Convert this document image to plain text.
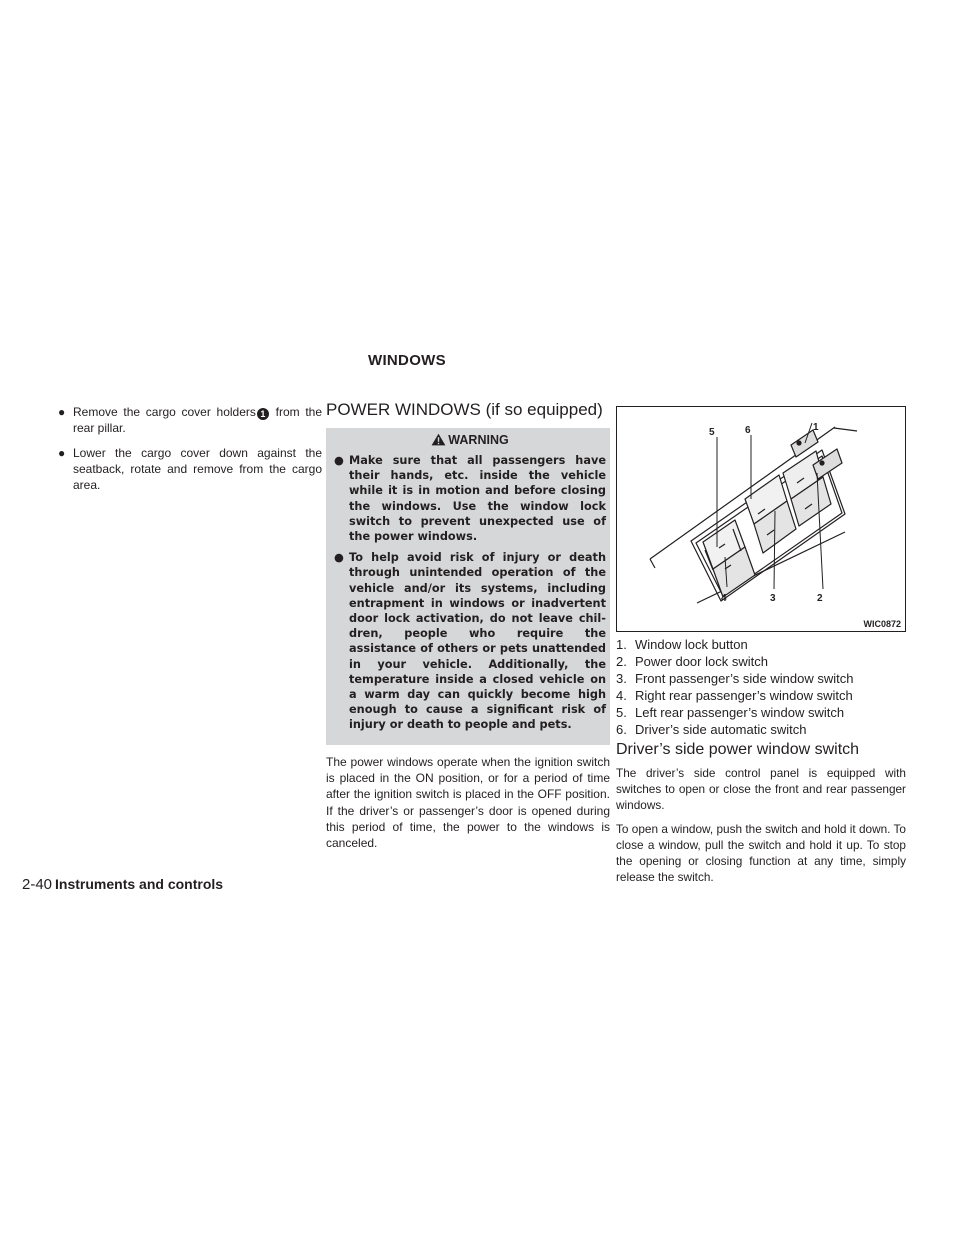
WINDOWS

● Remove the cargo cover holders 1 from the rear pillar.

● Lower the cargo cover down against the seatback, rotate and remove from the cargo area.

POWER WINDOWS (if so equipped)
WARNING

● Make sure that all passengers have their hands, etc. inside the vehicle while it is in motion and before closing the windows. Use the window lock switch to prevent unexpected use of the power windows.

● To help avoid risk of injury or death through unintended operation of the vehicle and/or its systems, including entrapment in windows or inadvertent door lock activation, do not leave chil-dren, people who require the assistance of others or pets unattended in your vehicle. Additionally, the temperature inside a closed vehicle on a warm day can quickly become high enough to cause a significant risk of injury or death to people and pets.

The power windows operate when the ignition switch is placed in the ON position, or for a period of time after the ignition switch is placed in the OFF position. If the driver’s or passenger’s door is opened during this period of time, the power to the windows is canceled.

5	6	1
2
3
4
WIC0872
1. Window lock button
2. Power door lock switch
3. Front passenger’s side window switch
4. Right rear passenger’s window switch
5. Left rear passenger’s window switch
6. Driver’s side automatic switch
Driver’s side power window switch

The driver’s side control panel is equipped with switches to open or close the front and rear passenger windows.

To open a window, push the switch and hold it down. To close a window, pull the switch and hold it up. To stop the opening or closing function at any time, simply release the switch.

2-40 Instruments and controls
